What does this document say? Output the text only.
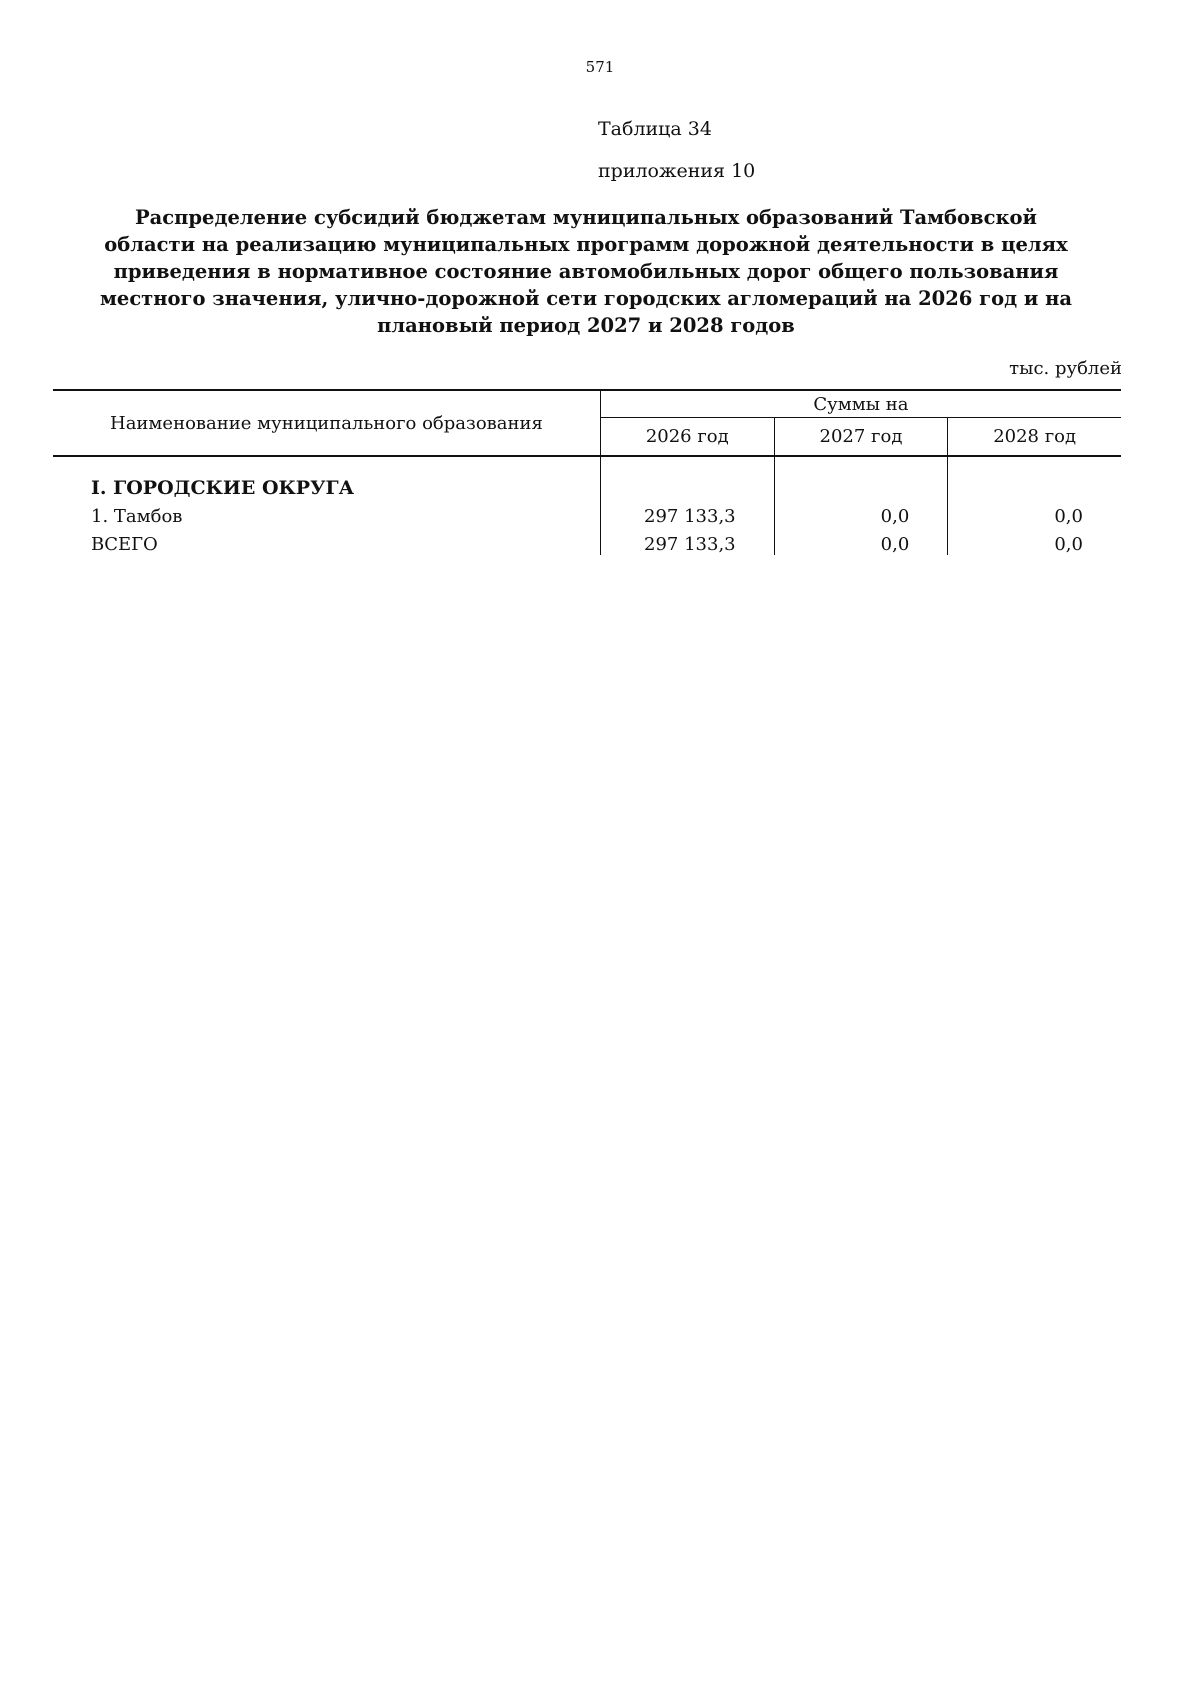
571
Таблица 34
приложения 10
Распределение субсидий бюджетам муниципальных образований Тамбовской области на реализацию муниципальных программ дорожной деятельности в целях приведения в нормативное состояние автомобильных дорог общего пользования местного значения, улично-дорожной сети городских агломераций на 2026 год и на плановый период 2027 и 2028 годов
тыс. рублей
Наименование муниципального образования	Суммы на		
	2026 год	2027 год	2028 год
I. ГОРОДСКИЕ ОКРУГА			
1. Тамбов	297 133,3	0,0	0,0
ВСЕГО	297 133,3	0,0	0,0
